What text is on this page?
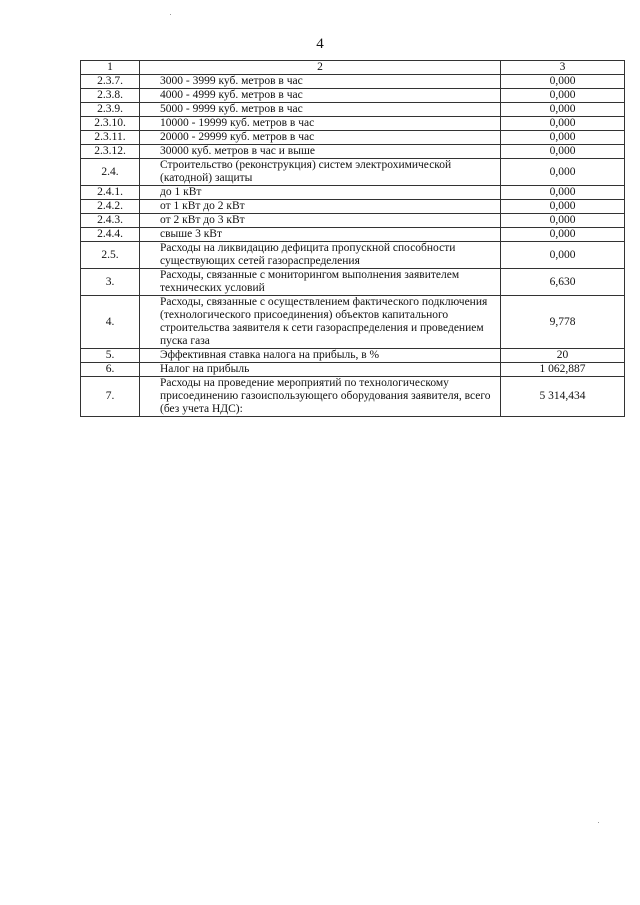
4
1	2	3
2.3.7.	3000 - 3999 куб. метров в час	0,000
2.3.8.	4000 - 4999 куб. метров в час	0,000
2.3.9.	5000 - 9999 куб. метров в час	0,000
2.3.10.	10000 - 19999 куб. метров в час	0,000
2.3.11.	20000 - 29999 куб. метров в час	0,000
2.3.12.	30000 куб. метров в час и выше	0,000
2.4.	Строительство (реконструкция) систем электрохимической (катодной) защиты	0,000
2.4.1.	до 1 кВт	0,000
2.4.2.	от 1 кВт до 2 кВт	0,000
2.4.3.	от 2 кВт до 3 кВт	0,000
2.4.4.	свыше 3 кВт	0,000
2.5.	Расходы на ликвидацию дефицита пропускной способности существующих сетей газораспределения	0,000
3.	Расходы, связанные с мониторингом выполнения заявителем технических условий	6,630
4.	Расходы, связанные с осуществлением фактического подключения (технологического присоединения) объектов капитального строительства заявителя к сети газораспределения и проведением пуска газа	9,778
5.	Эффективная ставка налога на прибыль, в %	20
6.	Налог на прибыль	1 062,887
7.	Расходы на проведение мероприятий по технологическому присоединению газоиспользующего оборудования заявителя, всего (без учета НДС):	5 314,434
